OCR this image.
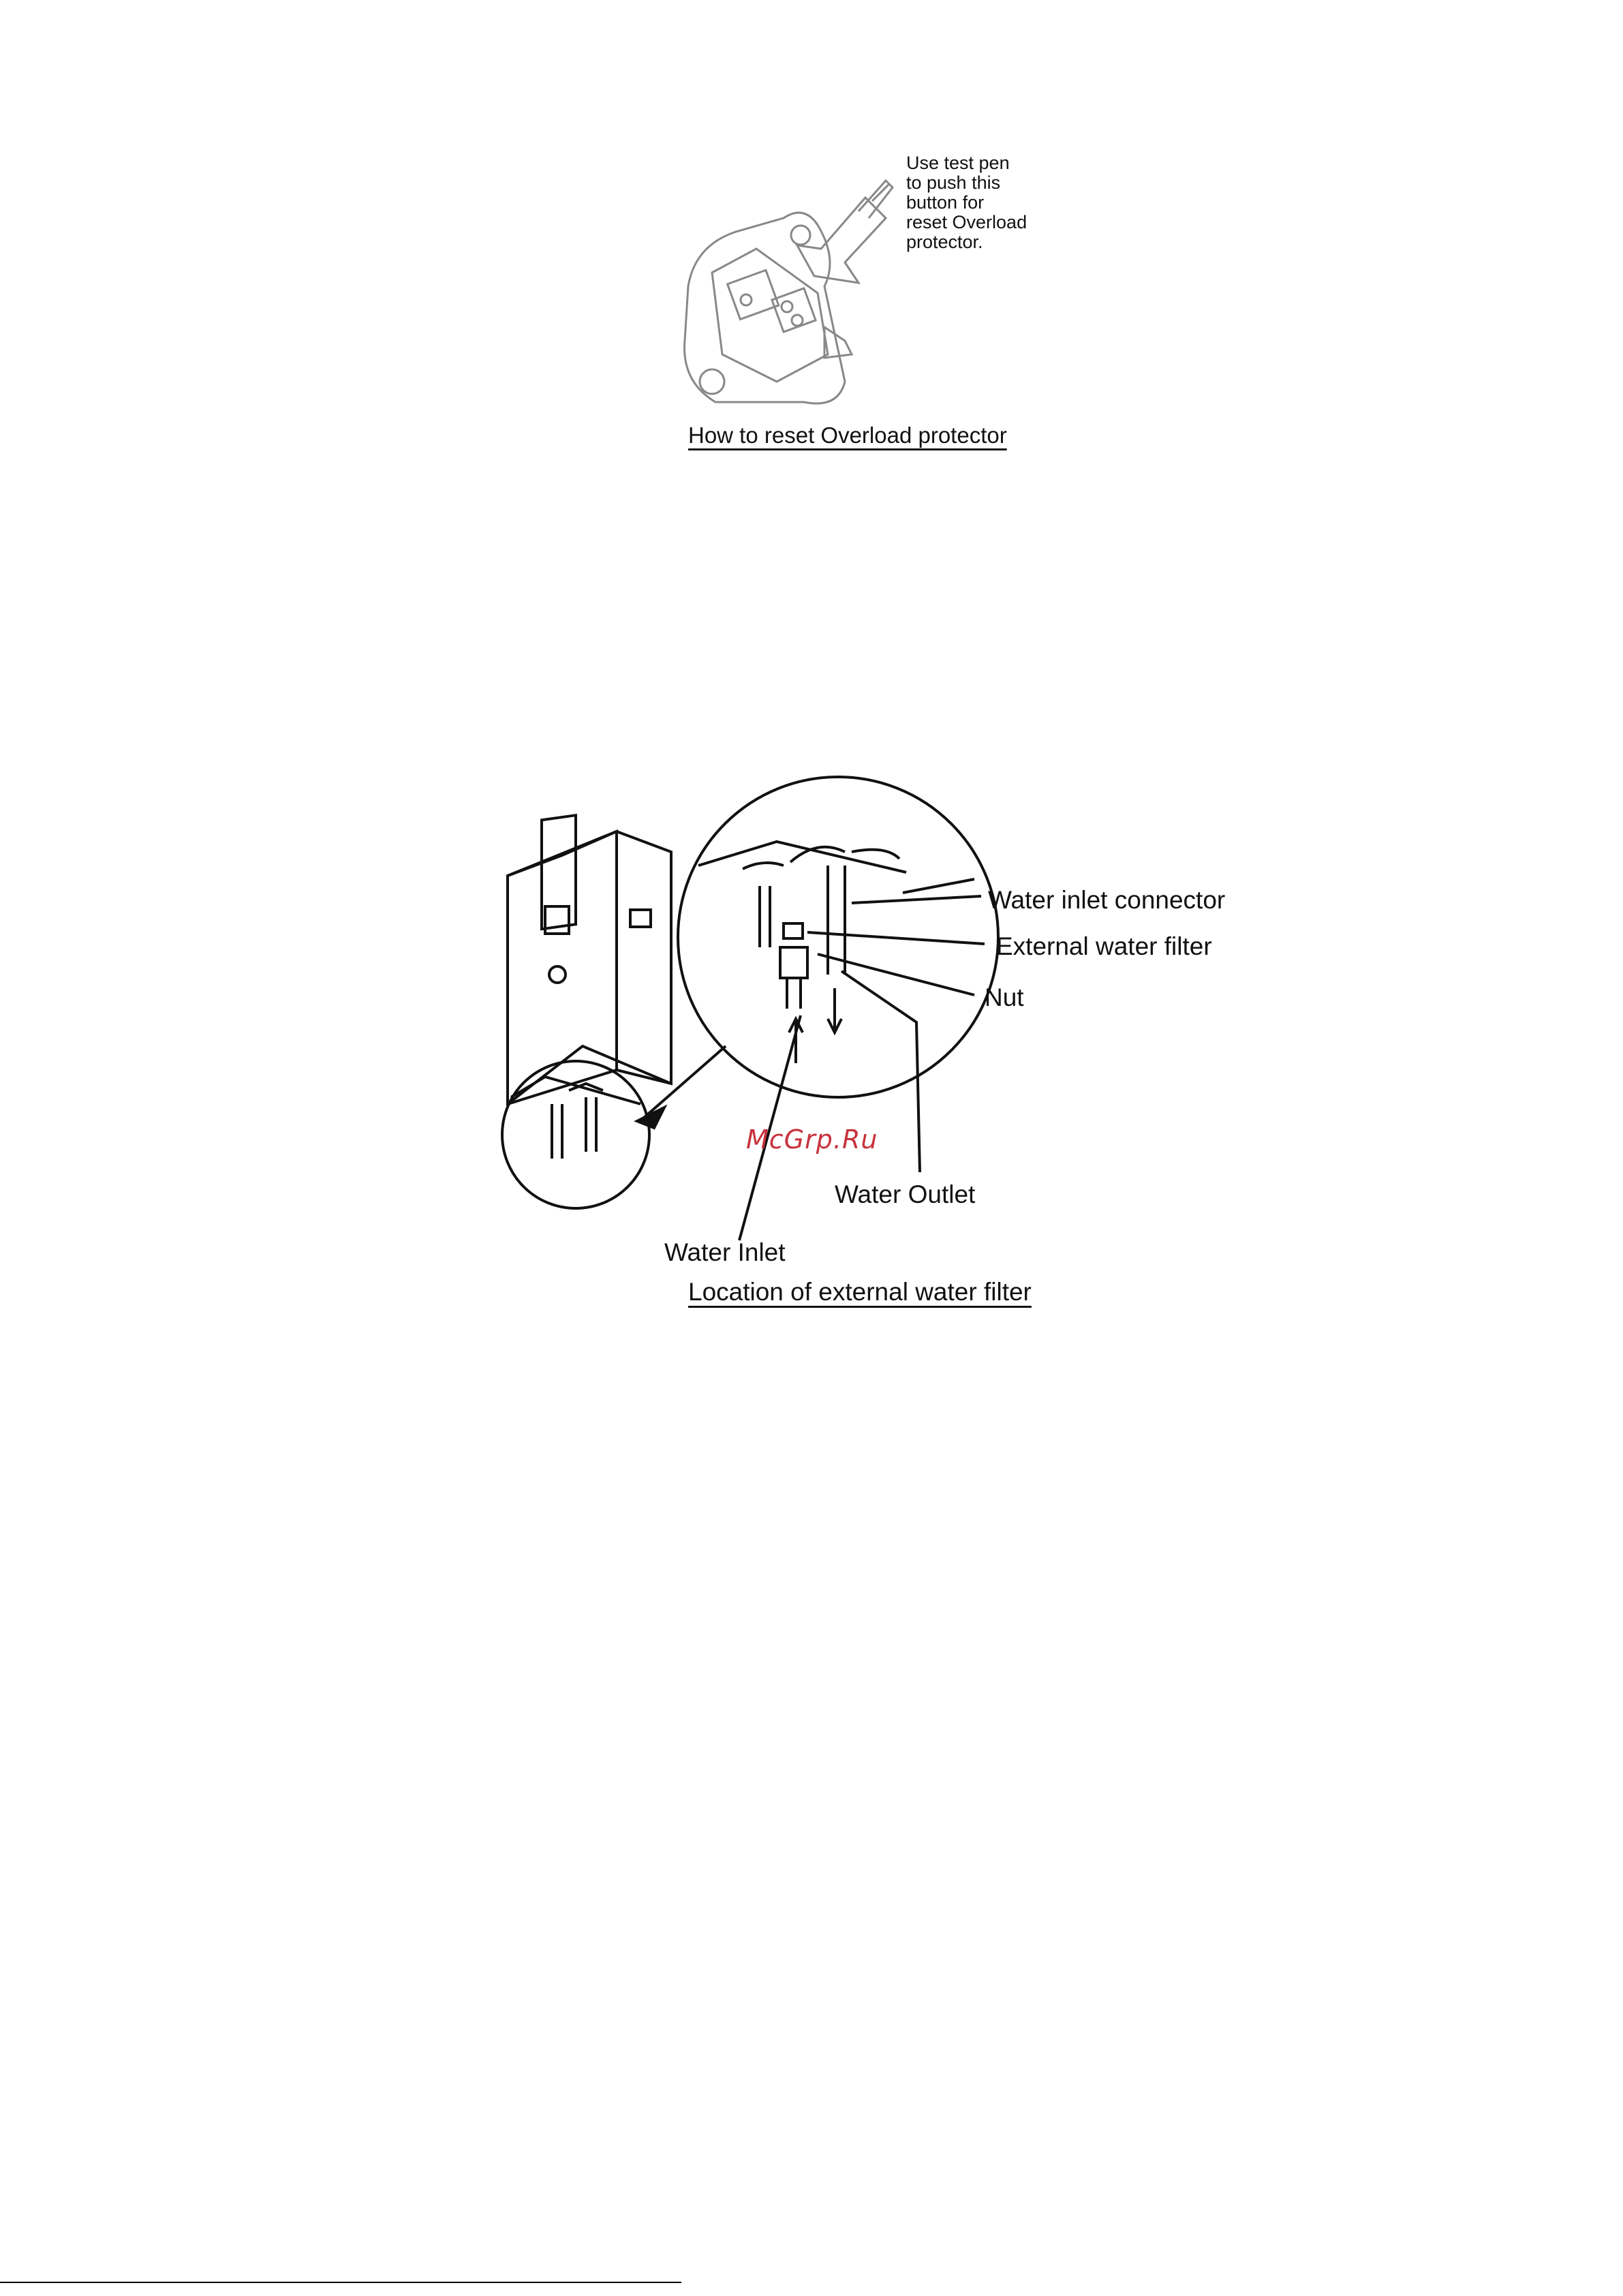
Use test pen
to push this
button for
reset Overload
protector.
How to reset Overload protector
Water inlet connector
External water filter
Nut
Water Outlet
Water Inlet
Location of external water filter
McGrp.Ru
